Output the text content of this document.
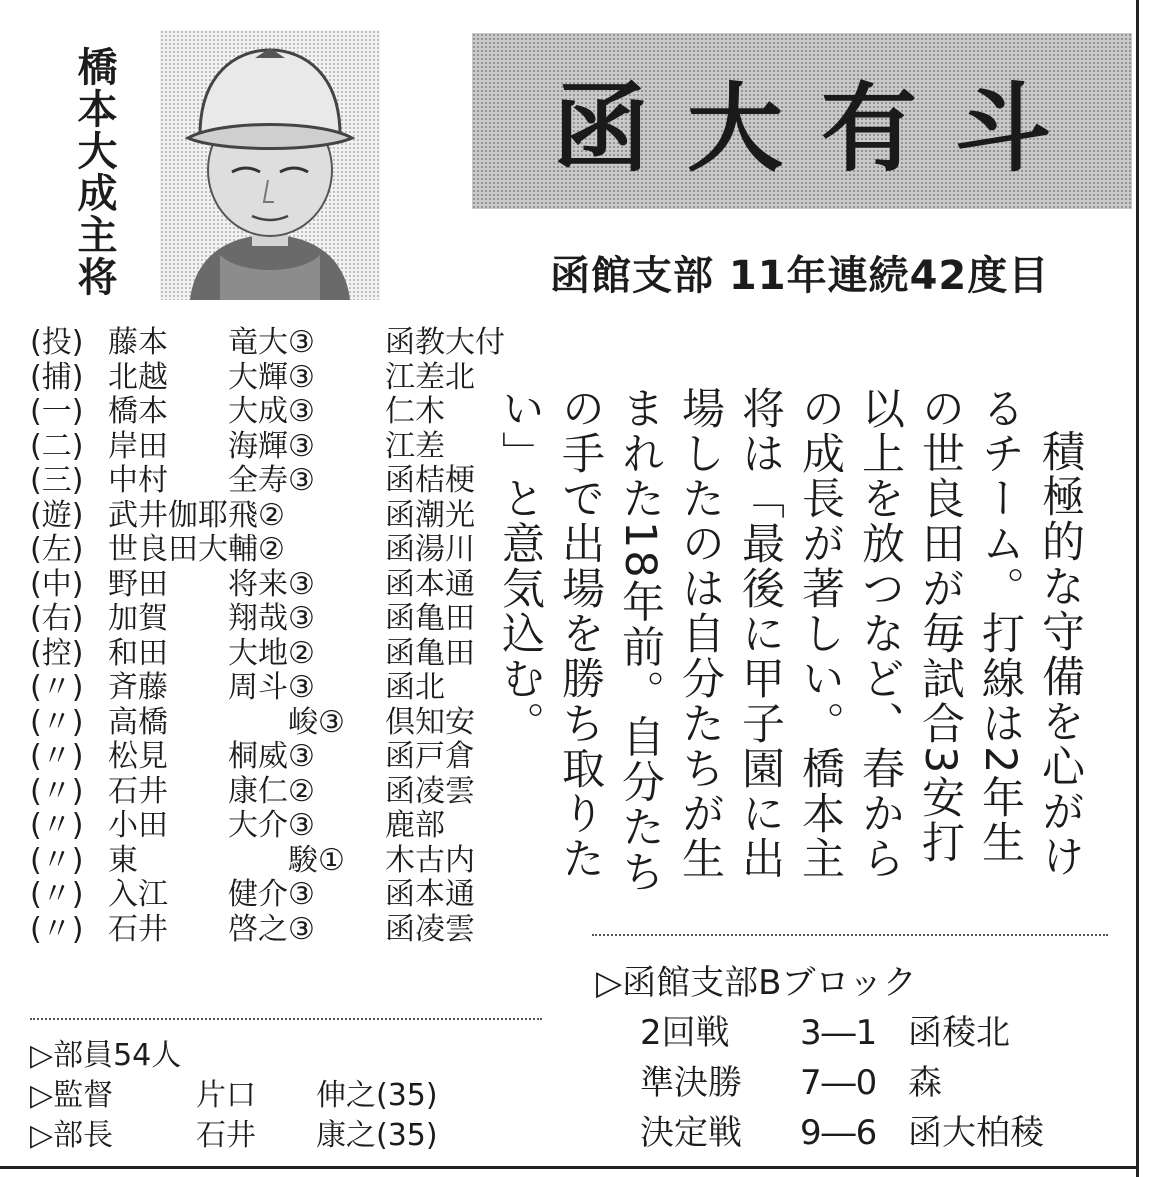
橋本大成主将	函大有斗
函館支部 11年連続42度目
(投) 藤本　　竜大③ 函教大付
(捕) 北越　　大輝③ 江差北
(一) 橋本　　大成③ 仁木
(二) 岸田　　海輝③ 江差
(三) 中村　　全寿③ 函桔梗
(遊) 武井伽耶飛②	函潮光
(左) 世良田大輔②	函湯川
(中) 野田　　将来③ 函本通
(右) 加賀　　翔哉③ 函亀田
(控) 和田　　大地② 函亀田
(〃) 斉藤　　周斗③ 函北
(〃) 高橋　　　　峻③ 倶知安
(〃) 松見　　桐威③ 函戸倉
(〃) 石井　　康仁② 函凌雲
(〃) 小田　　大介③ 鹿部
(〃) 東　　　　　駿① 木古内
(〃) 入江　　健介③ 函本通
(〃) 石井　　啓之③ 函凌雲
▷部員54人
▷監督	片口　　伸之(35)
▷部長	石井　　康之(35)

積極的な守備を心がけるチーム。打線は2年生の世良田が毎試合3安打以上を放つなど、春からの成長が著しい。橋本主将は「最後に甲子園に出場したのは自分たちが生まれた18年前。自分たちの手で出場を勝ち取りたい」と意気込む。

▷函館支部Bブロック
2回戦 3―1 函稜北
準決勝 7―0 森
決定戦 9―6 函大柏稜
